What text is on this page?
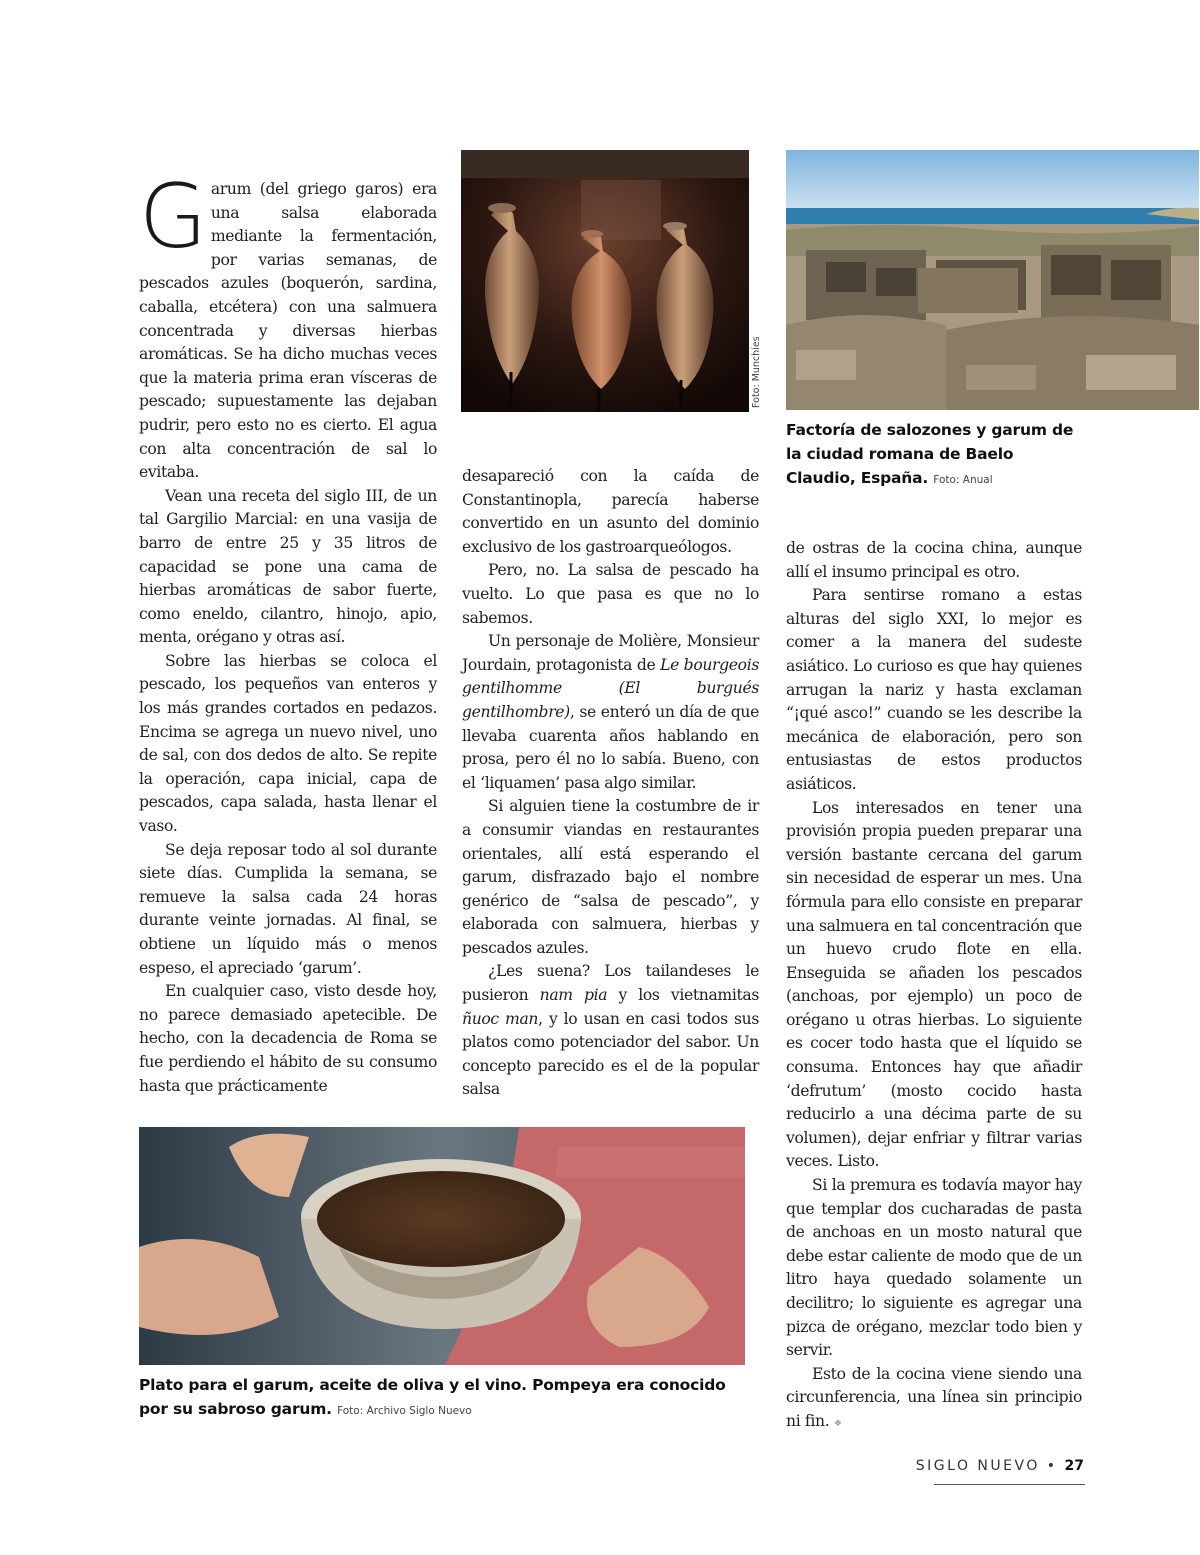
Garum (del griego garos) era una salsa elaborada mediante la fermentación, por varias semanas, de pescados azules (boquerón, sardina, caballa, etcétera) con una salmuera concentrada y diversas hierbas aromáticas. Se ha dicho muchas veces que la materia prima eran vísceras de pescado; supuestamente las dejaban pudrir, pero esto no es cierto. El agua con alta concentración de sal lo evitaba.

Vean una receta del siglo III, de un tal Gargilio Marcial: en una vasija de barro de entre 25 y 35 litros de capacidad se pone una cama de hierbas aromáticas de sabor fuerte, como eneldo, cilantro, hinojo, apio, menta, orégano y otras así.

Sobre las hierbas se coloca el pescado, los pequeños van enteros y los más grandes cortados en pedazos. Encima se agrega un nuevo nivel, uno de sal, con dos dedos de alto. Se repite la operación, capa inicial, capa de pescados, capa salada, hasta llenar el vaso.

Se deja reposar todo al sol durante siete días. Cumplida la semana, se remueve la salsa cada 24 horas durante veinte jornadas. Al final, se obtiene un líquido más o menos espeso, el apreciado ‘garum’.

En cualquier caso, visto desde hoy, no parece demasiado apetecible. De hecho, con la decadencia de Roma se fue perdiendo el hábito de su consumo hasta que prácticamente

Foto: Munchies
Factoría de salozones y garum de la ciudad romana de Baelo Claudio, España. Foto: Anual

desapareció con la caída de Constantinopla, parecía haberse convertido en un asunto del dominio exclusivo de los gastroarqueólogos.

Pero, no. La salsa de pescado ha vuelto. Lo que pasa es que no lo sabemos.

Un personaje de Molière, Monsieur Jourdain, protagonista de Le bourgeois gentilhomme (El burgués gentilhombre), se enteró un día de que llevaba cuarenta años hablando en prosa, pero él no lo sabía. Bueno, con el ‘liquamen’ pasa algo similar.

Si alguien tiene la costumbre de ir a consumir viandas en restaurantes orientales, allí está esperando el garum, disfrazado bajo el nombre genérico de “salsa de pescado”, y elaborada con salmuera, hierbas y pescados azules.

¿Les suena? Los tailandeses le pusieron nam pia y los vietnamitas ñuoc man, y lo usan en casi todos sus platos como potenciador del sabor. Un concepto parecido es el de la popular salsa

de ostras de la cocina china, aunque allí el insumo principal es otro.

Para sentirse romano a estas alturas del siglo XXI, lo mejor es comer a la manera del sudeste asiático. Lo curioso es que hay quienes arrugan la nariz y hasta exclaman “¡qué asco!” cuando se les describe la mecánica de elaboración, pero son entusiastas de estos productos asiáticos.

Los interesados en tener una provisión propia pueden preparar una versión bastante cercana del garum sin necesidad de esperar un mes. Una fórmula para ello consiste en preparar una salmuera en tal concentración que un huevo crudo flote en ella. Enseguida se añaden los pescados (anchoas, por ejemplo) un poco de orégano u otras hierbas. Lo siguiente es cocer todo hasta que el líquido se consuma. Entonces hay que añadir ‘defrutum’ (mosto cocido hasta reducirlo a una décima parte de su volumen), dejar enfriar y filtrar varias veces. Listo.

Si la premura es todavía mayor hay que templar dos cucharadas de pasta de anchoas en un mosto natural que debe estar caliente de modo que de un litro haya quedado solamente un decilitro; lo siguiente es agregar una pizca de orégano, mezclar todo bien y servir.

Esto de la cocina viene siendo una circunferencia, una línea sin principio ni fin. ❖

Plato para el garum, aceite de oliva y el vino. Pompeya era conocido por su sabroso garum. Foto: Archivo Siglo Nuevo
SIGLO NUEVO • 27
